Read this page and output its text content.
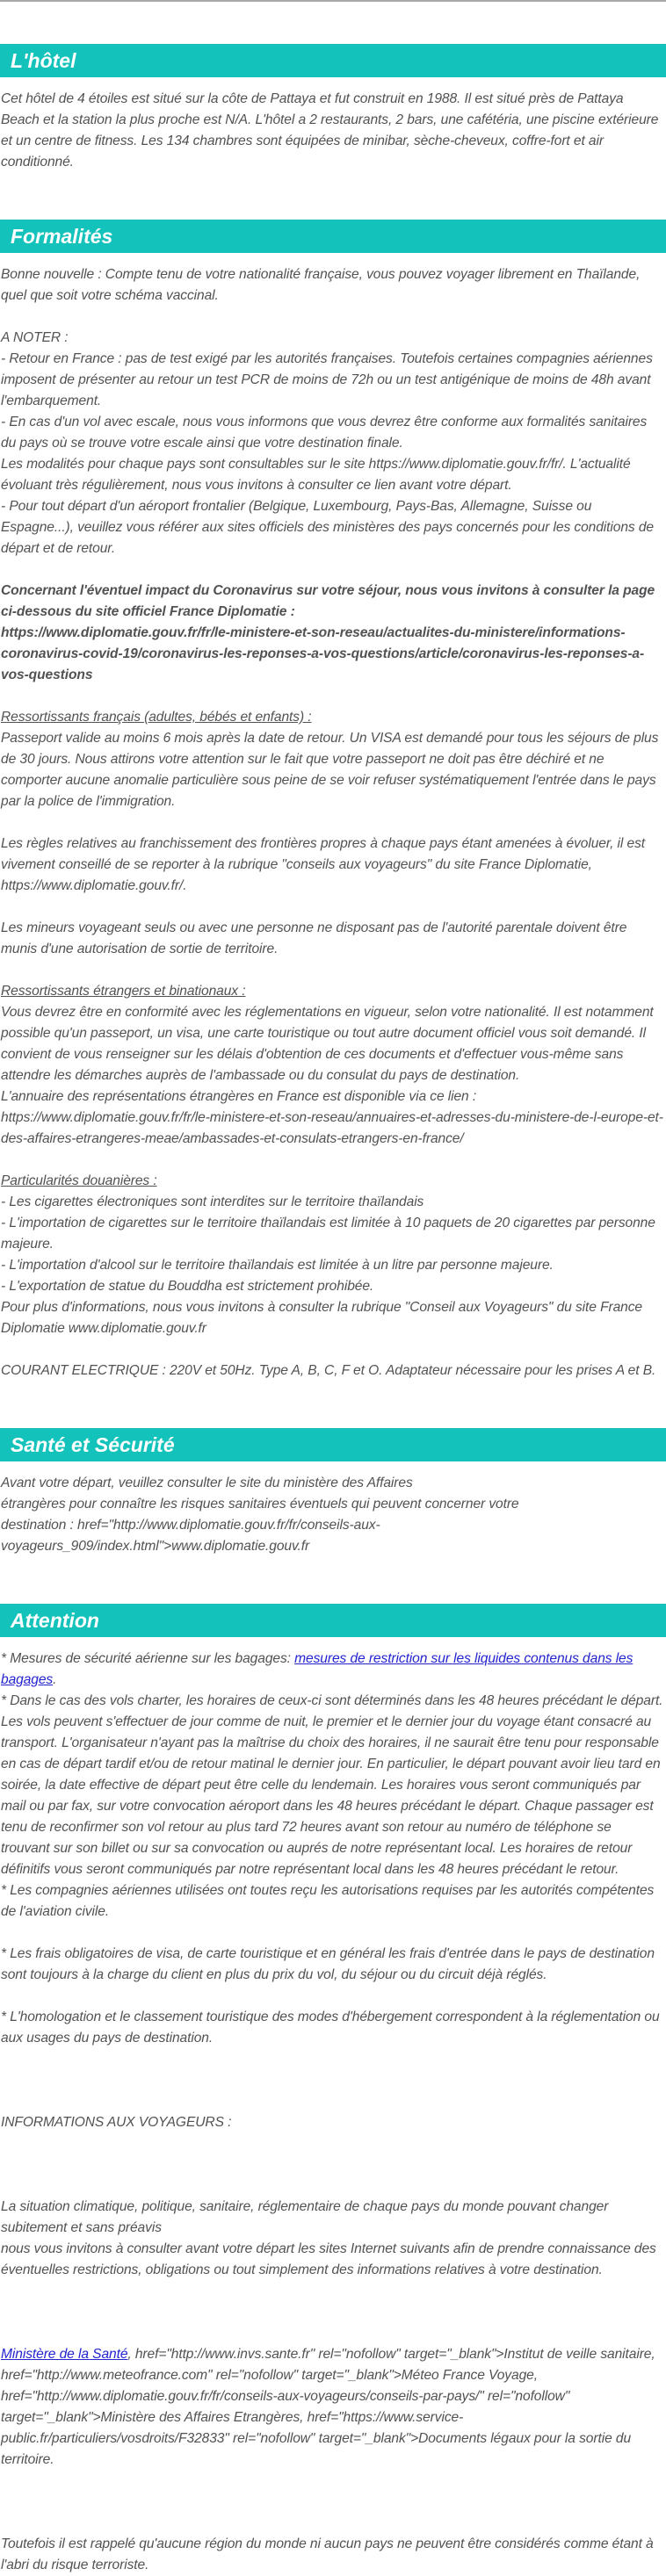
L'hôtel

Cet hôtel de 4 étoiles est situé sur la côte de Pattaya et fut construit en 1988. Il est situé près de Pattaya Beach et la station la plus proche est N/A. L'hôtel a 2 restaurants, 2 bars, une cafétéria, une piscine extérieure et un centre de fitness. Les 134 chambres sont équipées de minibar, sèche-cheveux, coffre-fort et air conditionné.

Formalités

Bonne nouvelle : Compte tenu de votre nationalité française, vous pouvez voyager librement en Thaïlande, quel que soit votre schéma vaccinal.

A NOTER :

- Retour en France : pas de test exigé par les autorités françaises. Toutefois certaines compagnies aériennes imposent de présenter au retour un test PCR de moins de 72h ou un test antigénique de moins de 48h avant l'embarquement.

- En cas d'un vol avec escale, nous vous informons que vous devrez être conforme aux formalités sanitaires du pays où se trouve votre escale ainsi que votre destination finale.

Les modalités pour chaque pays sont consultables sur le site https://www.diplomatie.gouv.fr/fr/. L'actualité évoluant très régulièrement, nous vous invitons à consulter ce lien avant votre départ.

- Pour tout départ d'un aéroport frontalier (Belgique, Luxembourg, Pays-Bas, Allemagne, Suisse ou Espagne...), veuillez vous référer aux sites officiels des ministères des pays concernés pour les conditions de départ et de retour.

Concernant l'éventuel impact du Coronavirus sur votre séjour, nous vous invitons à consulter la page ci-dessous du site officiel France Diplomatie :

https://www.diplomatie.gouv.fr/fr/le-ministere-et-son-reseau/actualites-du-ministere/informations-coronavirus-covid-19/coronavirus-les-reponses-a-vos-questions/article/coronavirus-les-reponses-a-vos-questions

Ressortissants français (adultes, bébés et enfants) :

Passeport valide au moins 6 mois après la date de retour. Un VISA est demandé pour tous les séjours de plus de 30 jours. Nous attirons votre attention sur le fait que votre passeport ne doit pas être déchiré et ne comporter aucune anomalie particulière sous peine de se voir refuser systématiquement l'entrée dans le pays par la police de l'immigration.

Les règles relatives au franchissement des frontières propres à chaque pays étant amenées à évoluer, il est vivement conseillé de se reporter à la rubrique "conseils aux voyageurs" du site France Diplomatie, https://www.diplomatie.gouv.fr/.

Les mineurs voyageant seuls ou avec une personne ne disposant pas de l'autorité parentale doivent être munis d'une autorisation de sortie de territoire.

Ressortissants étrangers et binationaux :

Vous devrez être en conformité avec les réglementations en vigueur, selon votre nationalité. Il est notamment possible qu'un passeport, un visa, une carte touristique ou tout autre document officiel vous soit demandé. Il convient de vous renseigner sur les délais d'obtention de ces documents et d'effectuer vous-même sans attendre les démarches auprès de l'ambassade ou du consulat du pays de destination.

L'annuaire des représentations étrangères en France est disponible via ce lien :

https://www.diplomatie.gouv.fr/fr/le-ministere-et-son-reseau/annuaires-et-adresses-du-ministere-de-l-europe-et-des-affaires-etrangeres-meae/ambassades-et-consulats-etrangers-en-france/

Particularités douanières :

- Les cigarettes électroniques sont interdites sur le territoire thaïlandais

- L'importation de cigarettes sur le territoire thaïlandais est limitée à 10 paquets de 20 cigarettes par personne majeure.

- L'importation d'alcool sur le territoire thaïlandais est limitée à un litre par personne majeure.

- L'exportation de statue du Bouddha est strictement prohibée.

Pour plus d'informations, nous vous invitons à consulter la rubrique "Conseil aux Voyageurs" du site France Diplomatie www.diplomatie.gouv.fr

COURANT ELECTRIQUE : 220V et 50Hz. Type A, B, C, F et O. Adaptateur nécessaire pour les prises A et B.

Santé et Sécurité

Avant votre départ, veuillez consulter le site du ministère des Affaires

étrangères pour connaître les risques sanitaires éventuels qui peuvent concerner votre

destination : href="http://www.diplomatie.gouv.fr/fr/conseils-aux-voyageurs_909/index.html">www.diplomatie.gouv.fr

Attention

* Mesures de sécurité aérienne sur les bagages: mesures de restriction sur les liquides contenus dans les bagages.

* Dans le cas des vols charter, les horaires de ceux-ci sont déterminés dans les 48 heures précédant le départ. Les vols peuvent s'effectuer de jour comme de nuit, le premier et le dernier jour du voyage étant consacré au transport. L'organisateur n'ayant pas la maîtrise du choix des horaires, il ne saurait être tenu pour responsable en cas de départ tardif et/ou de retour matinal le dernier jour. En particulier, le départ pouvant avoir lieu tard en soirée, la date effective de départ peut être celle du lendemain. Les horaires vous seront communiqués par mail ou par fax, sur votre convocation aéroport dans les 48 heures précédant le départ. Chaque passager est tenu de reconfirmer son vol retour au plus tard 72 heures avant son retour au numéro de téléphone se trouvant sur son billet ou sur sa convocation ou auprés de notre représentant local. Les horaires de retour définitifs vous seront communiqués par notre représentant local dans les 48 heures précédant le retour.

* Les compagnies aériennes utilisées ont toutes reçu les autorisations requises par les autorités compétentes de l'aviation civile.

* Les frais obligatoires de visa, de carte touristique et en général les frais d'entrée dans le pays de destination sont toujours à la charge du client en plus du prix du vol, du séjour ou du circuit déjà réglés.

* L'homologation et le classement touristique des modes d'hébergement correspondent à la réglementation ou aux usages du pays de destination.

INFORMATIONS AUX VOYAGEURS :

La situation climatique, politique, sanitaire, réglementaire de chaque pays du monde pouvant changer subitement et sans préavis

nous vous invitons à consulter avant votre départ les sites Internet suivants afin de prendre connaissance des éventuelles restrictions, obligations ou tout simplement des informations relatives à votre destination.

Ministère de la Santé, href="http://www.invs.sante.fr" rel="nofollow" target="_blank">Institut de veille sanitaire,

href="http://www.meteofrance.com" rel="nofollow" target="_blank">Méteo France Voyage,

href="http://www.diplomatie.gouv.fr/fr/conseils-aux-voyageurs/conseils-par-pays/" rel="nofollow" target="_blank">Ministère des Affaires Etrangères, href="https://www.service-public.fr/particuliers/vosdroits/F32833" rel="nofollow" target="_blank">Documents légaux pour la sortie du territoire.

Toutefois il est rappelé qu'aucune région du monde ni aucun pays ne peuvent être considérés comme étant à l'abri du risque terroriste.
